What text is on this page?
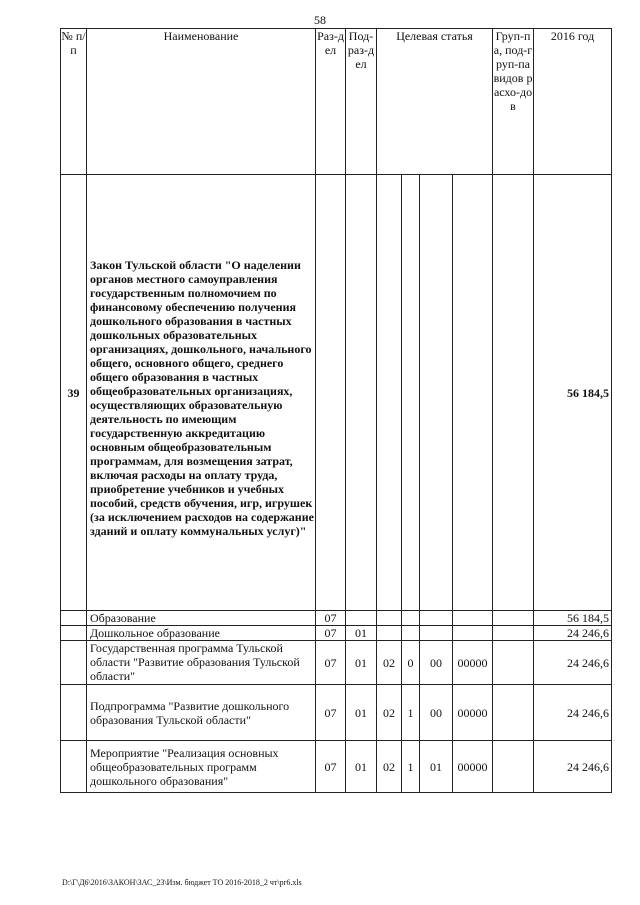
58
№ п/п	Наименование	Раз-дел	Под-раз-дел	Целевая статья				Груп-па, под-груп-па видов расхо-дов	2016 год
39	Закон Тульской области "О наделении органов местного самоуправления государственным полномочием по финансовому обеспечению получения дошкольного образования в частных дошкольных образовательных организациях, дошкольного, начального общего, основного общего, среднего общего образования в частных общеобразовательных организациях, осуществляющих образовательную деятельность по имеющим государственную аккредитацию основным общеобразовательным программам, для возмещения затрат, включая расходы на оплату труда, приобретение учебников и учебных пособий, средств обучения, игр, игрушек (за исключением расходов на содержание зданий и оплату коммунальных услуг)"								56 184,5
	Образование	07							56 184,5
	Дошкольное образование	07	01						24 246,6
	Государственная программа Тульской области "Развитие образования Тульской области"	07	01	02	0	00	00000		24 246,6
	Подпрограмма "Развитие дошкольного образования Тульской области"	07	01	02	1	00	00000		24 246,6
	Мероприятие "Реализация основных общеобразовательных программ дошкольного образования"	07	01	02	1	01	00000		24 246,6
D:\Г\Д6\2016\ЗАКОН\ЗАС_23\Изм. бюджет ТО 2016-2018_2 чт\pr6.xls
